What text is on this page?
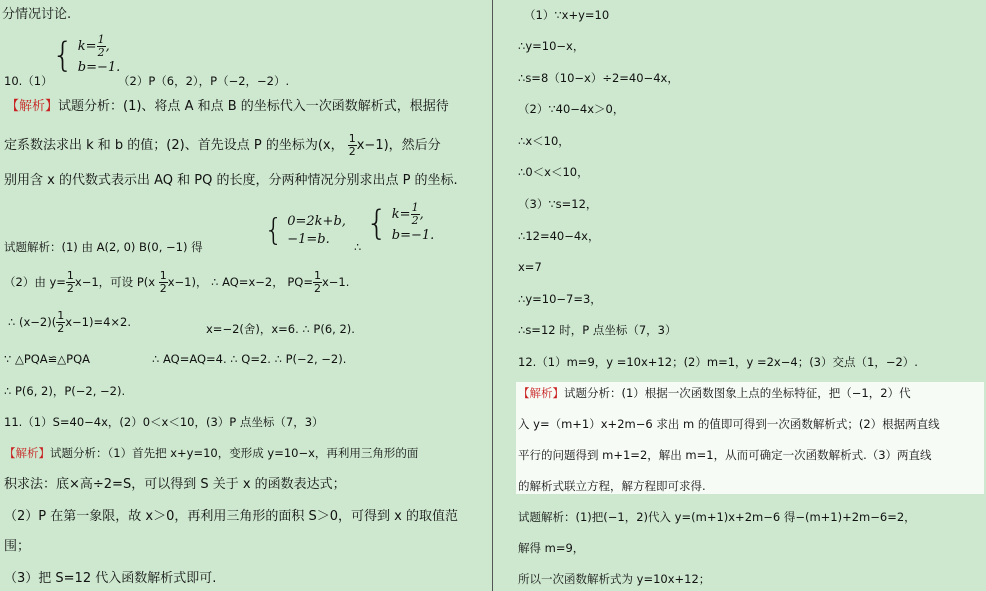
分情况讨论.
10.（1）
{ $k= \frac{1}{2}$ ,
b=−1.
（2）P（6，2），P（−2，−2）.
【解析】试题分析：(1)、将点 A 和点 B 的坐标代入一次函数解析式，根据待
定系数法求出 k 和 b 的值；(2)、首先设点 P 的坐标为(x， $\frac{1}{2} x-1$)，然后分
别用含 x 的代数式表示出 AQ 和 PQ 的长度，分两种情况分别求出点 P 的坐标.
试题解析：(1) 由 A(2, 0) B(0, −1) 得 { 0=2k+b,
−1=b.	∴
{ $k= \frac{1}{2}$ ,
b=−1.
（2）由 $y= \frac{1}{2} x-1$，可设 $P(x \frac{1}{2} x-1)$， ∴ AQ=x−2， $PQ= \frac{1}{2} x-1$.
∴ $(x-2)( \frac{1}{2} x-1)=4\times 2$.	x=−2(舍)，x=6. ∴ P(6, 2).
∵ △PQA≌△PQA	∴ AQ=AQ=4. ∴ Q=2. ∴ P(−2, −2).
∴ P(6, 2)，P(−2, −2).
11.（1）S=40−4x，(2）0＜x＜10，(3）P 点坐标（7，3）
【解析】试题分析：（1）首先把 x+y=10，变形成 y=10−x，再利用三角形的面
积求法：底×高÷2=S，可以得到 S 关于 x 的函数表达式；
（2）P 在第一象限，故 x＞0，再利用三角形的面积 S＞0，可得到 x 的取值范
围；
（3）把 S=12 代入函数解析式即可.
（1）∵x+y=10
∴y=10−x，
∴s=8（10−x）÷2=40−4x，
（2）∵40−4x＞0，
∴x＜10，
∴0＜x＜10，
（3）∵s=12，
∴12=40−4x，
x=7
∴y=10−7=3，
∴s=12 时，P 点坐标（7，3）
12.（1）m=9，y =10x+12；(2）m=1，y =2x−4；(3）交点（1，−2）.
【解析】试题分析：(1）根据一次函数图象上点的坐标特征，把（−1，2）代
入 y=（m+1）x+2m−6 求出 m 的值即可得到一次函数解析式；(2）根据两直线
平行的问题得到 m+1=2，解出 m=1，从而可确定一次函数解析式.（3）两直线
的解析式联立方程，解方程即可求得.
试题解析：(1)把(−1，2)代入 y=(m+1)x+2m−6 得−(m+1)+2m−6=2，
解得 m=9，
所以一次函数解析式为 y=10x+12；
